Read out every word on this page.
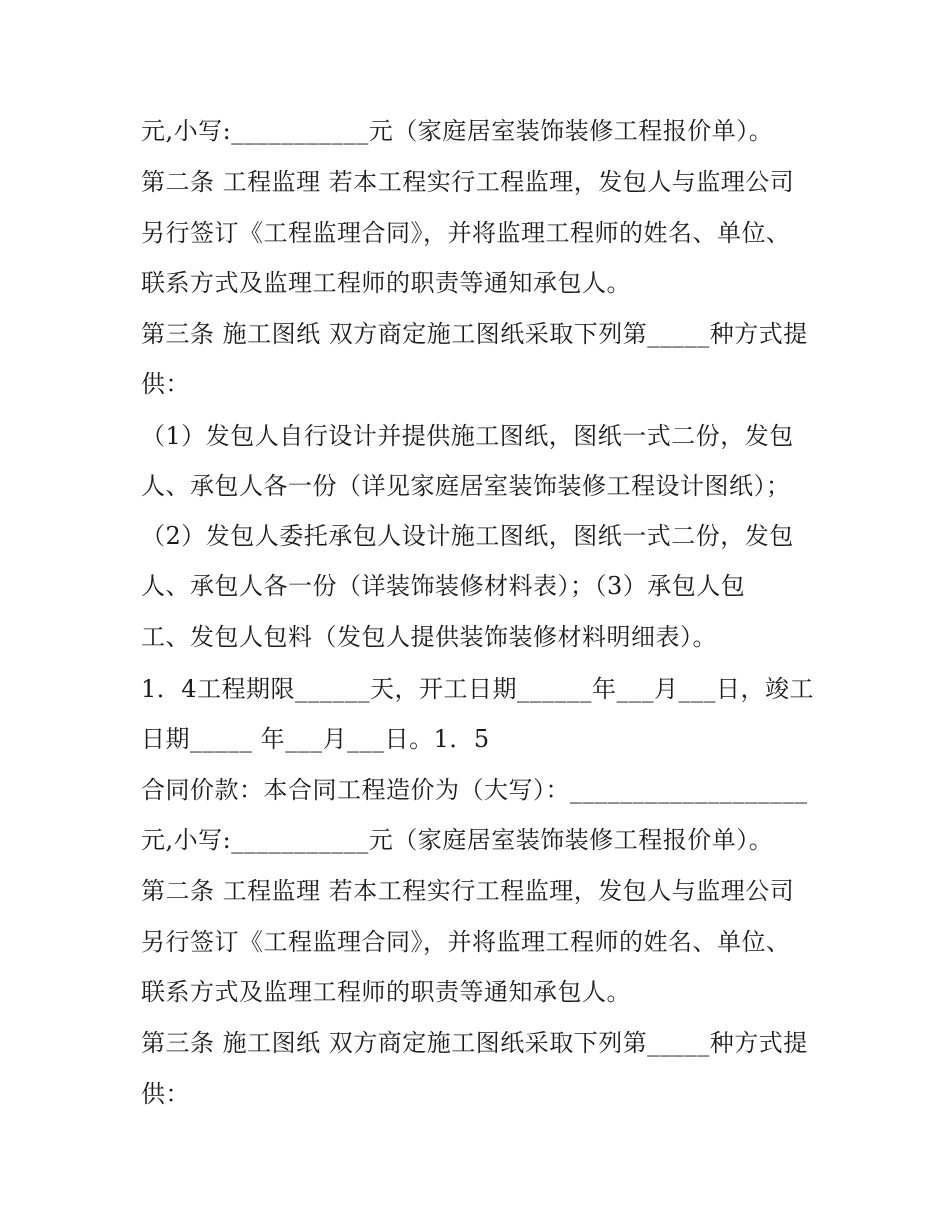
元,小写:___________元（家庭居室装饰装修工程报价单）。
第二条 工程监理 若本工程实行工程监理，发包人与监理公司
另行签订《工程监理合同》，并将监理工程师的姓名、单位、
联系方式及监理工程师的职责等通知承包人。
第三条 施工图纸 双方商定施工图纸采取下列第_____种方式提
供：
（1）发包人自行设计并提供施工图纸，图纸一式二份，发包
人、承包人各一份（详见家庭居室装饰装修工程设计图纸）；
（2）发包人委托承包人设计施工图纸，图纸一式二份，发包
人、承包人各一份（详装饰装修材料表）；（3）承包人包
工、发包人包料（发包人提供装饰装修材料明细表）。
1．4工程期限______天，开工日期______年___月___日，竣工
日期_____ 年___月___日。1．5
合同价款：本合同工程造价为（大写）：___________________
元,小写:___________元（家庭居室装饰装修工程报价单）。
第二条 工程监理 若本工程实行工程监理，发包人与监理公司
另行签订《工程监理合同》，并将监理工程师的姓名、单位、
联系方式及监理工程师的职责等通知承包人。
第三条 施工图纸 双方商定施工图纸采取下列第_____种方式提
供：
